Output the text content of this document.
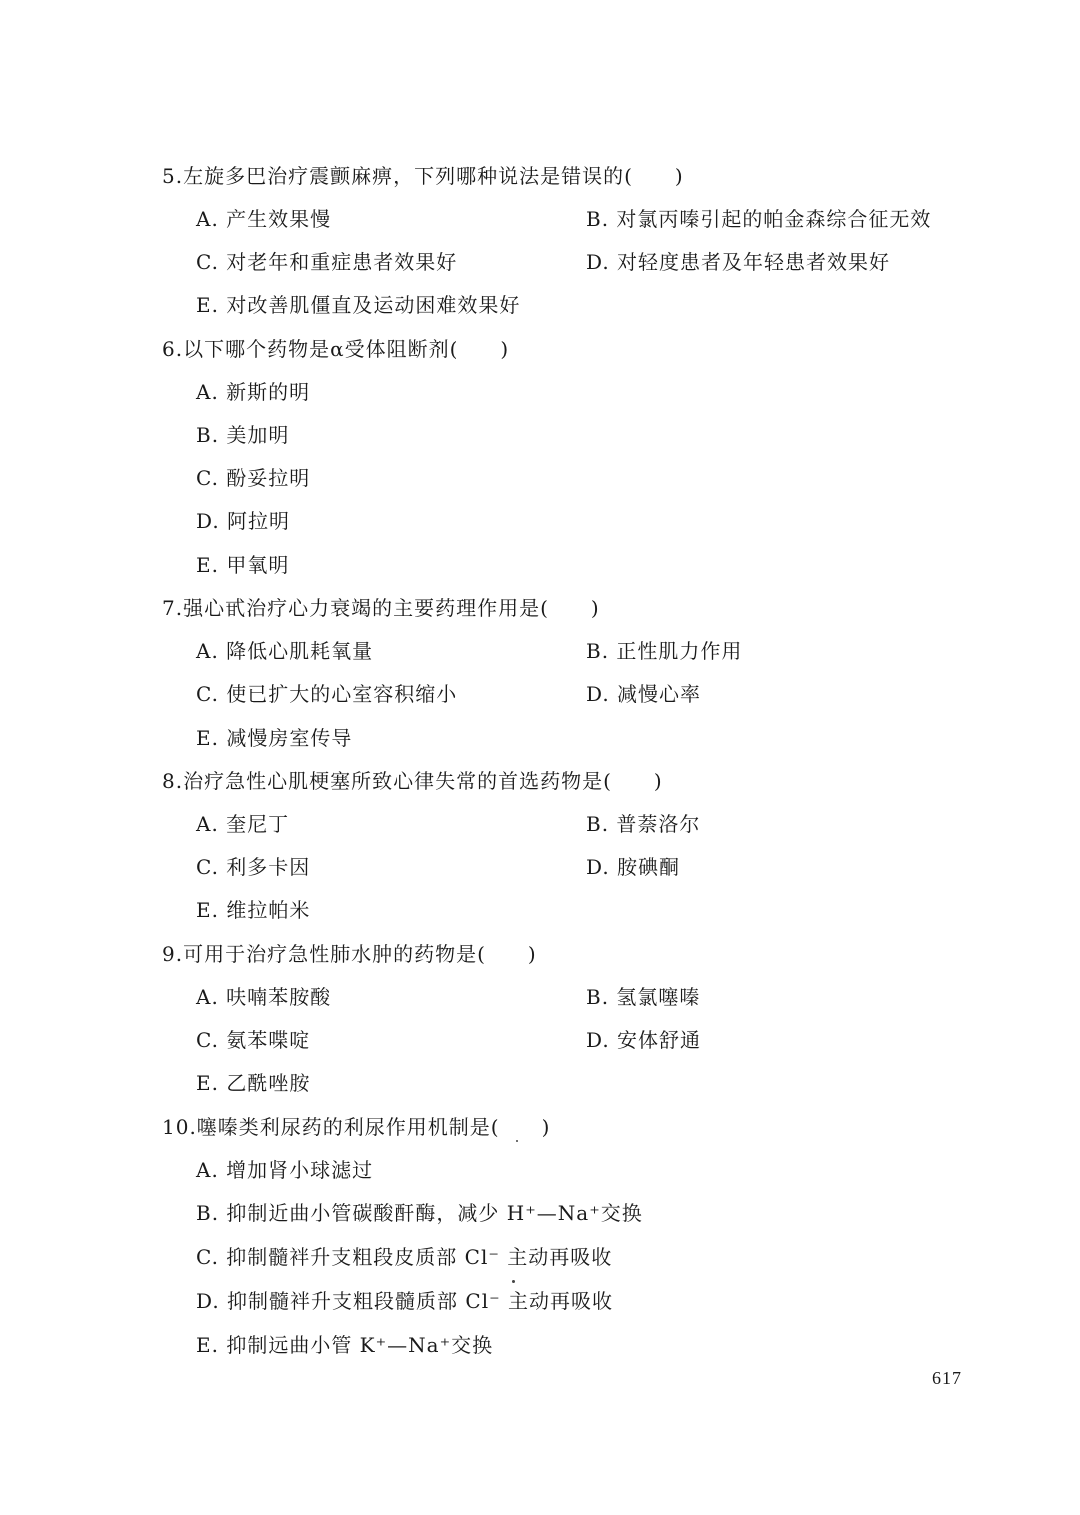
5.左旋多巴治疗震颤麻痹，下列哪种说法是错误的(　　)
A. 产生效果慢	B. 对氯丙嗪引起的帕金森综合征无效
C. 对老年和重症患者效果好	D. 对轻度患者及年轻患者效果好
E. 对改善肌僵直及运动困难效果好
6.以下哪个药物是α受体阻断剂(　　)
A. 新斯的明
B. 美加明
C. 酚妥拉明
D. 阿拉明
E. 甲氧明
7.强心甙治疗心力衰竭的主要药理作用是(　　)
A. 降低心肌耗氧量	B. 正性肌力作用
C. 使已扩大的心室容积缩小	D. 减慢心率
E. 减慢房室传导
8.治疗急性心肌梗塞所致心律失常的首选药物是(　　)
A. 奎尼丁	B. 普萘洛尔
C. 利多卡因	D. 胺碘酮
E. 维拉帕米
9.可用于治疗急性肺水肿的药物是(　　)
A. 呋喃苯胺酸	B. 氢氯噻嗪
C. 氨苯喋啶	D. 安体舒通
E. 乙酰唑胺
10.噻嗪类利尿药的利尿作用机制是(　　)
A. 增加肾小球滤过
B. 抑制近曲小管碳酸酐酶，减少 H⁺—Na⁺交换
C. 抑制髓袢升支粗段皮质部 Cl⁻ 主动再吸收
D. 抑制髓袢升支粗段髓质部 Cl⁻ 主动再吸收
E. 抑制远曲小管 K⁺—Na⁺交换
617
